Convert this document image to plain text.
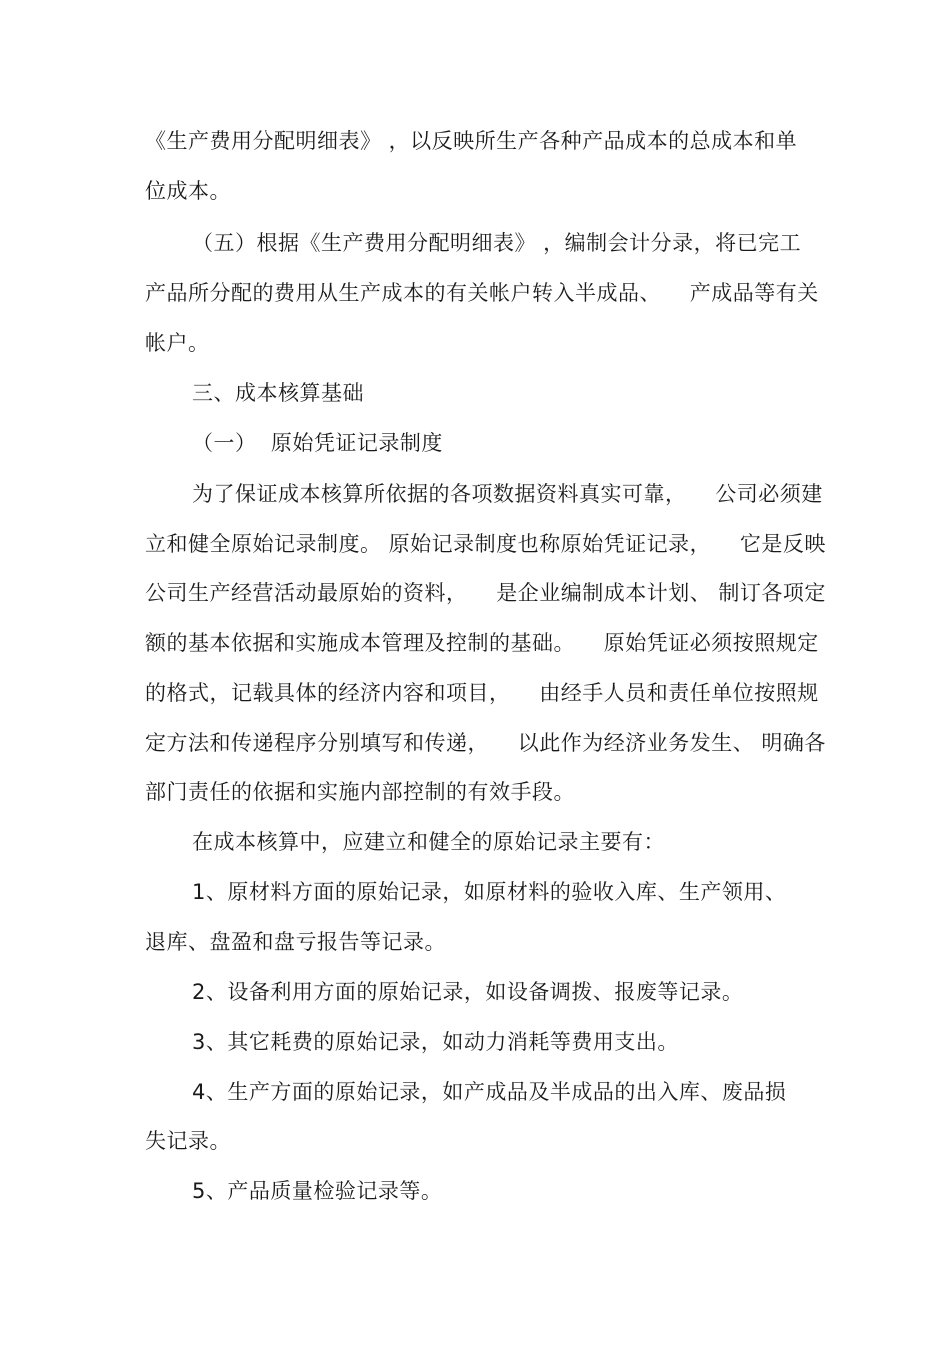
《生产费用分配明细表》 ，以反映所生产各种产品成本的总成本和单
位成本。
（五）根据《生产费用分配明细表》 ，编制会计分录，将已完工
产品所分配的费用从生产成本的有关帐户转入半成品、    产成品等有关
帐户。
三、成本核算基础
（一）  原始凭证记录制度
为了保证成本核算所依据的各项数据资料真实可靠，    公司必须建
立和健全原始记录制度。 原始记录制度也称原始凭证记录，    它是反映
公司生产经营活动最原始的资料，    是企业编制成本计划、 制订各项定
额的基本依据和实施成本管理及控制的基础。    原始凭证必须按照规定
的格式，记载具体的经济内容和项目，    由经手人员和责任单位按照规
定方法和传递程序分别填写和传递，    以此作为经济业务发生、 明确各
部门责任的依据和实施内部控制的有效手段。
在成本核算中，应建立和健全的原始记录主要有：
1、原材料方面的原始记录，如原材料的验收入库、生产领用、
退库、盘盈和盘亏报告等记录。
2、设备利用方面的原始记录，如设备调拨、报废等记录。
3、其它耗费的原始记录，如动力消耗等费用支出。
4、生产方面的原始记录，如产成品及半成品的出入库、废品损
失记录。
5、产品质量检验记录等。
